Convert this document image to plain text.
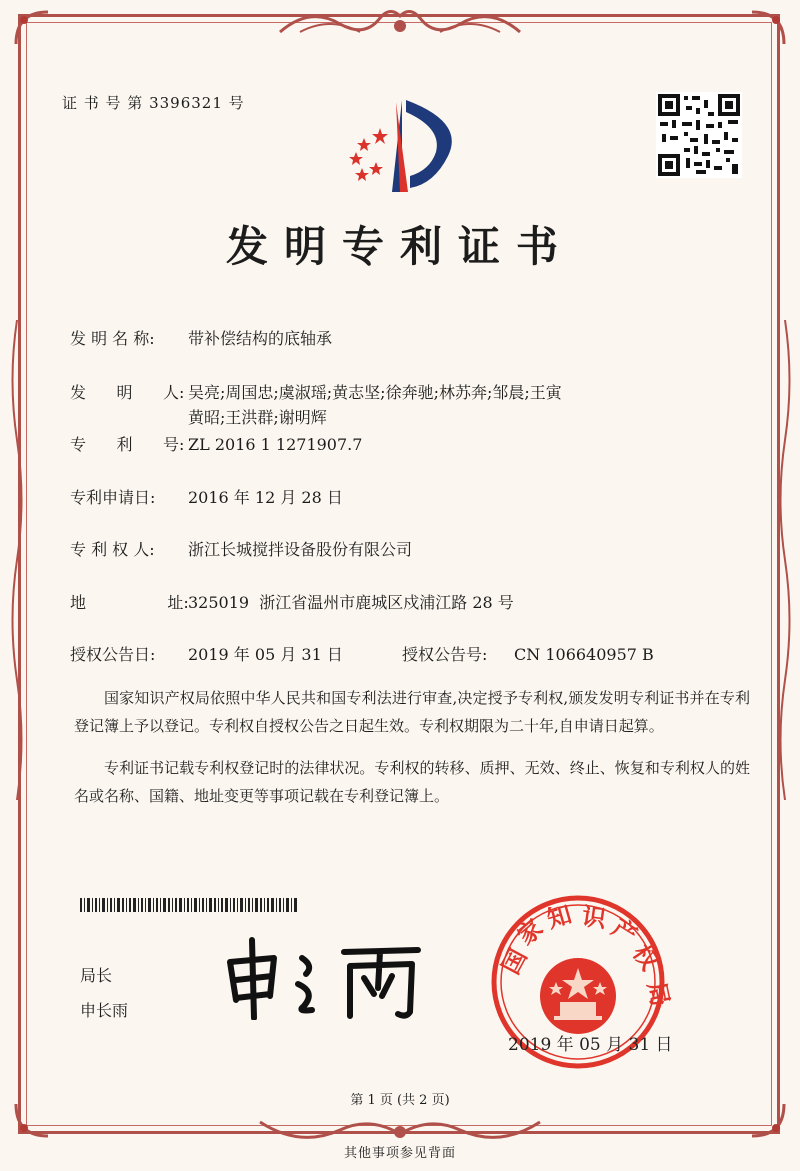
证 书 号 第 3396321 号
发明专利证书
发 明 名 称: 带补偿结构的底轴承
发      明      人: 吴亮;周国忠;虞淑瑶;黄志坚;徐奔驰;林苏奔;邹晨;王寅
黄昭;王洪群;谢明辉
专      利      号: ZL 2016 1 1271907.7
专利申请日: 2016 年 12 月 28 日
专 利 权 人: 浙江长城搅拌设备股份有限公司
地                址: 325019  浙江省温州市鹿城区戍浦江路 28 号
授权公告日: 2019 年 05 月 31 日	授权公告号: CN 106640957 B
国家知识产权局依照中华人民共和国专利法进行审查,决定授予专利权,颁发发明专利证书并在专利登记簿上予以登记。专利权自授权公告之日起生效。专利权期限为二十年,自申请日起算。
专利证书记载专利权登记时的法律状况。专利权的转移、质押、无效、终止、恢复和专利权人的姓名或名称、国籍、地址变更等事项记载在专利登记簿上。
局长
申长雨
国
家
知 识
产
权
局
2019 年 05 月 31 日
第 1 页 (共 2 页)
其他事项参见背面
